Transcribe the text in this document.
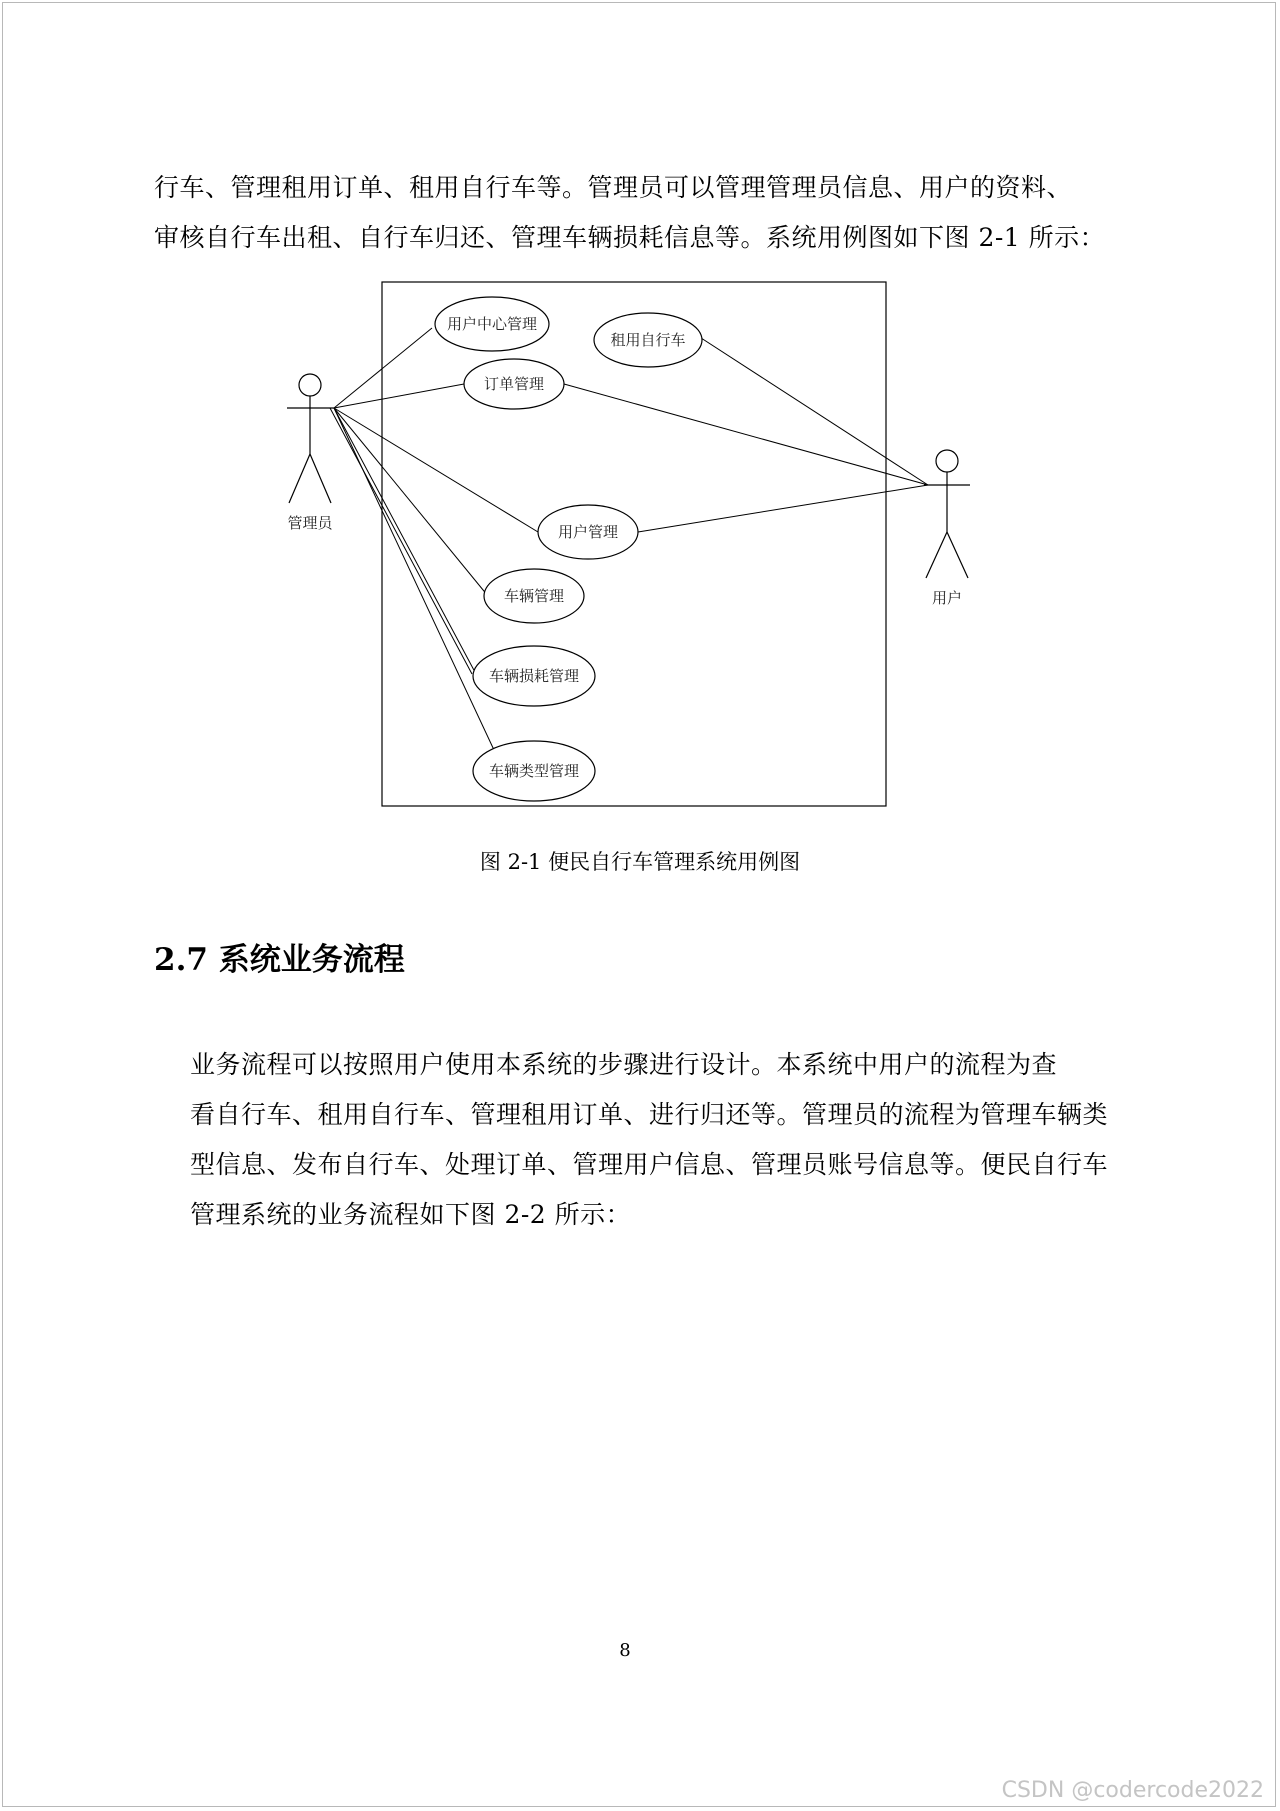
行车、管理租用订单、租用自行车等。管理员可以管理管理员信息、用户的资料、
审核自行车出租、自行车归还、管理车辆损耗信息等。系统用例图如下图 2-1 所示：
管理员
用户
用户中心管理
租用自行车
订单管理
用户管理
车辆管理
车辆损耗管理
车辆类型管理
图 2-1 便民自行车管理系统用例图
2.7 系统业务流程
业务流程可以按照用户使用本系统的步骤进行设计。本系统中用户的流程为查
看自行车、租用自行车、管理租用订单、进行归还等。管理员的流程为管理车辆类
型信息、发布自行车、处理订单、管理用户信息、管理员账号信息等。便民自行车
管理系统的业务流程如下图 2-2 所示：
8
CSDN @codercode2022
